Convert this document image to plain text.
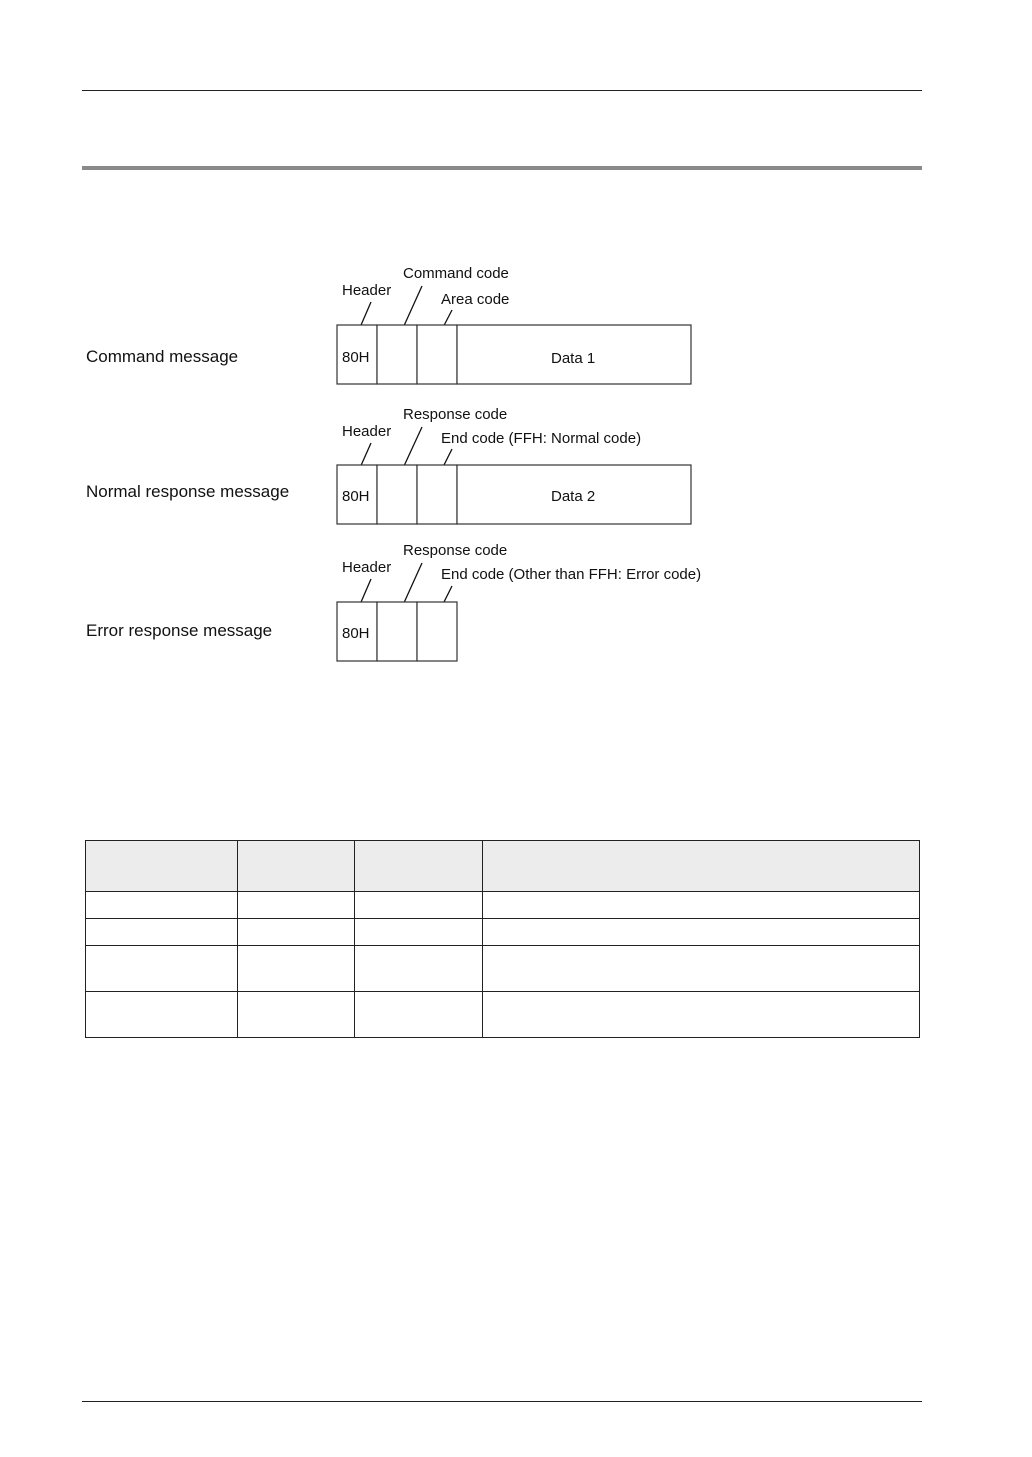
Command message
Header
Command code
Area code
80H	Data 1
Normal response message
Header
Response code
End code (FFH: Normal code)
80H	Data 2
Error response message
Header
Response code
End code (Other than FFH: Error code)
80H
